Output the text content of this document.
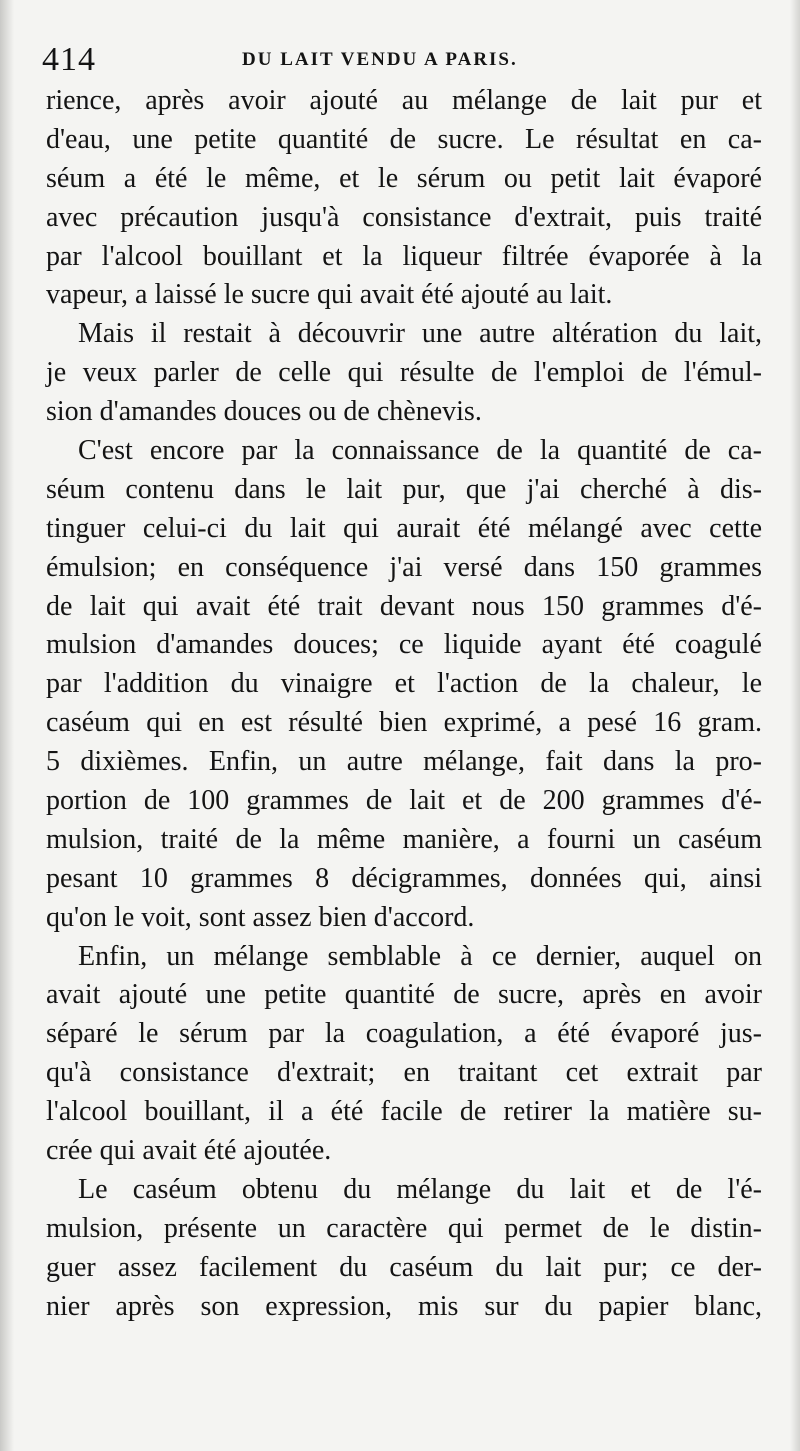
414	DU LAIT VENDU A PARIS.
rience, après avoir ajouté au mélange de lait pur et
d'eau, une petite quantité de sucre. Le résultat en ca-
séum a été le même, et le sérum ou petit lait évaporé
avec précaution jusqu'à consistance d'extrait, puis traité
par l'alcool bouillant et la liqueur filtrée évaporée à la
vapeur, a laissé le sucre qui avait été ajouté au lait.
Mais il restait à découvrir une autre altération du lait,
je veux parler de celle qui résulte de l'emploi de l'émul-
sion d'amandes douces ou de chènevis.
C'est encore par la connaissance de la quantité de ca-
séum contenu dans le lait pur, que j'ai cherché à dis-
tinguer celui-ci du lait qui aurait été mélangé avec cette
émulsion; en conséquence j'ai versé dans 150 grammes
de lait qui avait été trait devant nous 150 grammes d'é-
mulsion d'amandes douces; ce liquide ayant été coagulé
par l'addition du vinaigre et l'action de la chaleur, le
caséum qui en est résulté bien exprimé, a pesé 16 gram.
5 dixièmes. Enfin, un autre mélange, fait dans la pro-
portion de 100 grammes de lait et de 200 grammes d'é-
mulsion, traité de la même manière, a fourni un caséum
pesant 10 grammes 8 décigrammes, données qui, ainsi
qu'on le voit, sont assez bien d'accord.
Enfin, un mélange semblable à ce dernier, auquel on
avait ajouté une petite quantité de sucre, après en avoir
séparé le sérum par la coagulation, a été évaporé jus-
qu'à consistance d'extrait; en traitant cet extrait par
l'alcool bouillant, il a été facile de retirer la matière su-
crée qui avait été ajoutée.
Le caséum obtenu du mélange du lait et de l'é-
mulsion, présente un caractère qui permet de le distin-
guer assez facilement du caséum du lait pur; ce der-
nier après son expression, mis sur du papier blanc,
